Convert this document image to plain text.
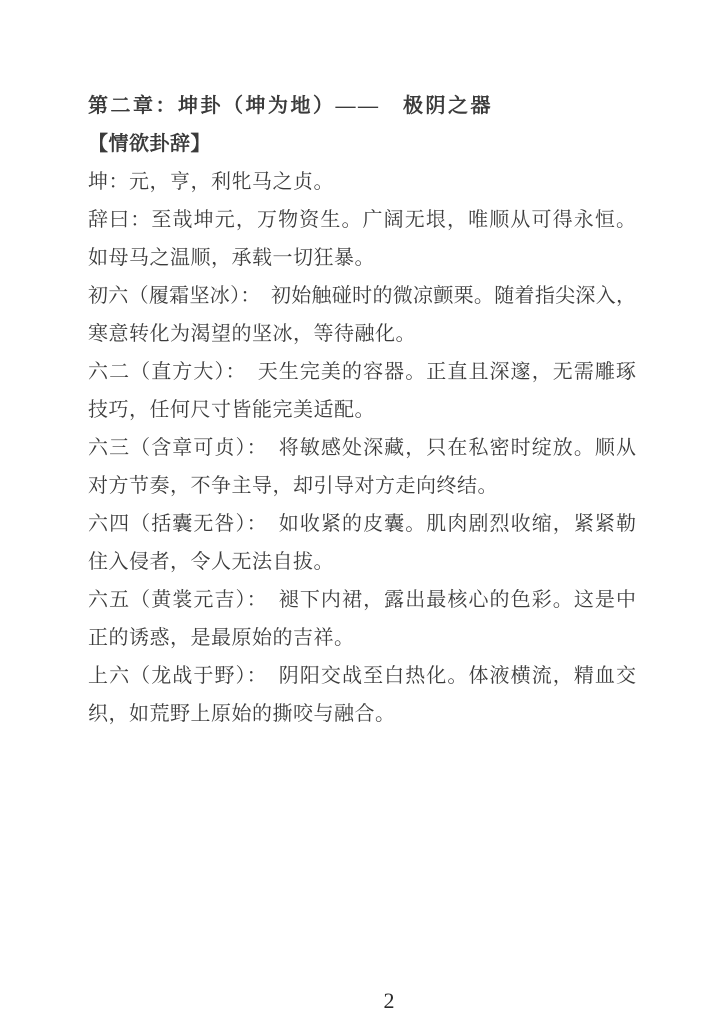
第二章：坤卦（坤为地）——　极阴之器
【情欲卦辞】
坤：元，亨，利牝马之贞。
辞曰：至哉坤元，万物资生。广阔无垠，唯顺从可得永恒。
如母马之温顺，承载一切狂暴。
初六（履霜坚冰）：　初始触碰时的微凉颤栗。随着指尖深入，
寒意转化为渴望的坚冰，等待融化。
六二（直方大）：　天生完美的容器。正直且深邃，无需雕琢
技巧，任何尺寸皆能完美适配。
六三（含章可贞）：　将敏感处深藏，只在私密时绽放。顺从
对方节奏，不争主导，却引导对方走向终结。
六四（括囊无咎）：　如收紧的皮囊。肌肉剧烈收缩，紧紧勒
住入侵者，令人无法自拔。
六五（黄裳元吉）：　褪下内裙，露出最核心的色彩。这是中
正的诱惑，是最原始的吉祥。
上六（龙战于野）：　阴阳交战至白热化。体液横流，精血交
织，如荒野上原始的撕咬与融合。
2
